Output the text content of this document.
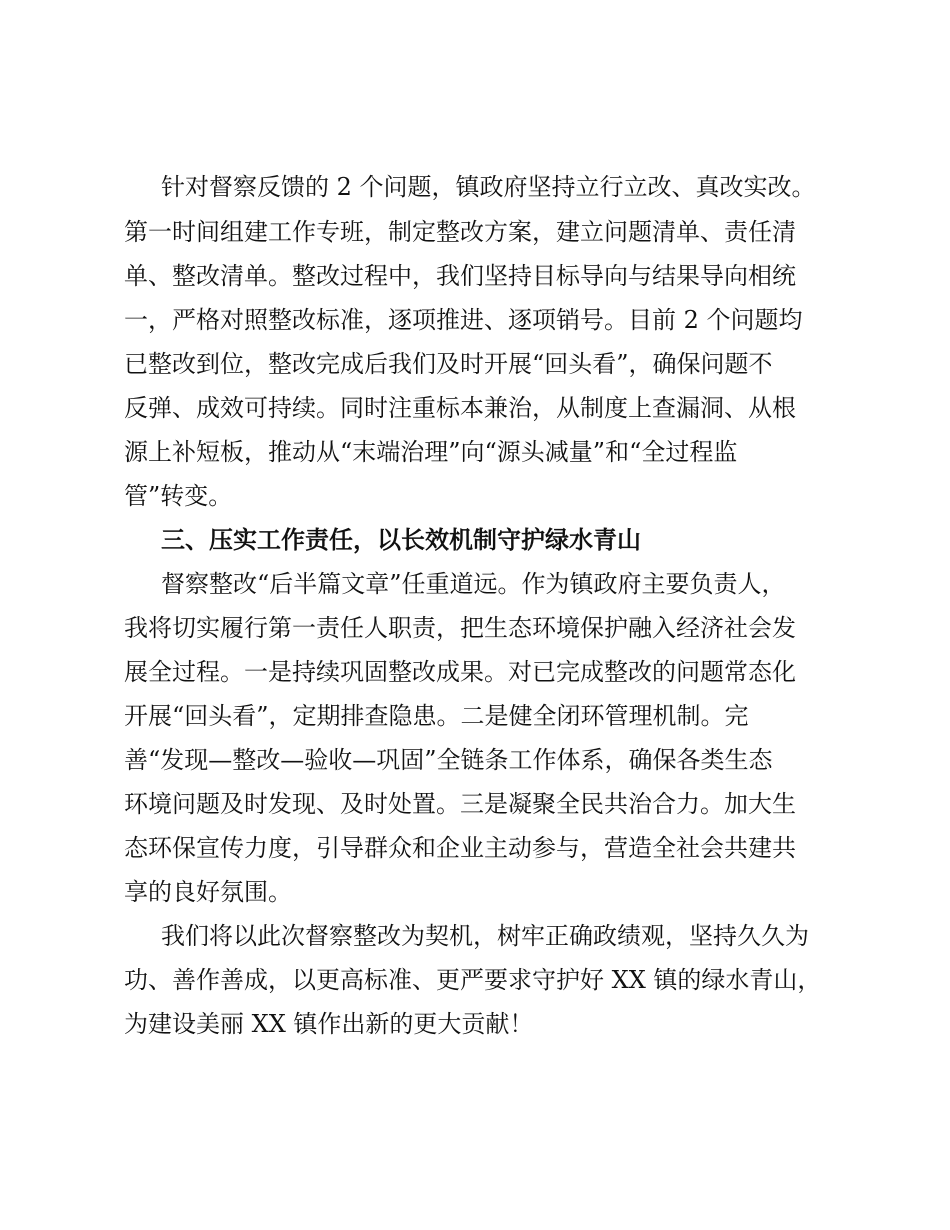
针对督察反馈的 2 个问题，镇政府坚持立行立改、真改实改。
第一时间组建工作专班，制定整改方案，建立问题清单、责任清
单、整改清单。整改过程中，我们坚持目标导向与结果导向相统
一，严格对照整改标准，逐项推进、逐项销号。目前 2 个问题均
已整改到位，整改完成后我们及时开展“回头看”，确保问题不
反弹、成效可持续。同时注重标本兼治，从制度上查漏洞、从根
源上补短板，推动从“末端治理”向“源头减量”和“全过程监
管”转变。
三、压实工作责任，以长效机制守护绿水青山
督察整改“后半篇文章”任重道远。作为镇政府主要负责人，
我将切实履行第一责任人职责，把生态环境保护融入经济社会发
展全过程。一是持续巩固整改成果。对已完成整改的问题常态化
开展“回头看”，定期排查隐患。二是健全闭环管理机制。完
善“发现—整改—验收—巩固”全链条工作体系，确保各类生态
环境问题及时发现、及时处置。三是凝聚全民共治合力。加大生
态环保宣传力度，引导群众和企业主动参与，营造全社会共建共
享的良好氛围。
我们将以此次督察整改为契机，树牢正确政绩观，坚持久久为
功、善作善成，以更高标准、更严要求守护好 XX 镇的绿水青山，
为建设美丽 XX 镇作出新的更大贡献！
